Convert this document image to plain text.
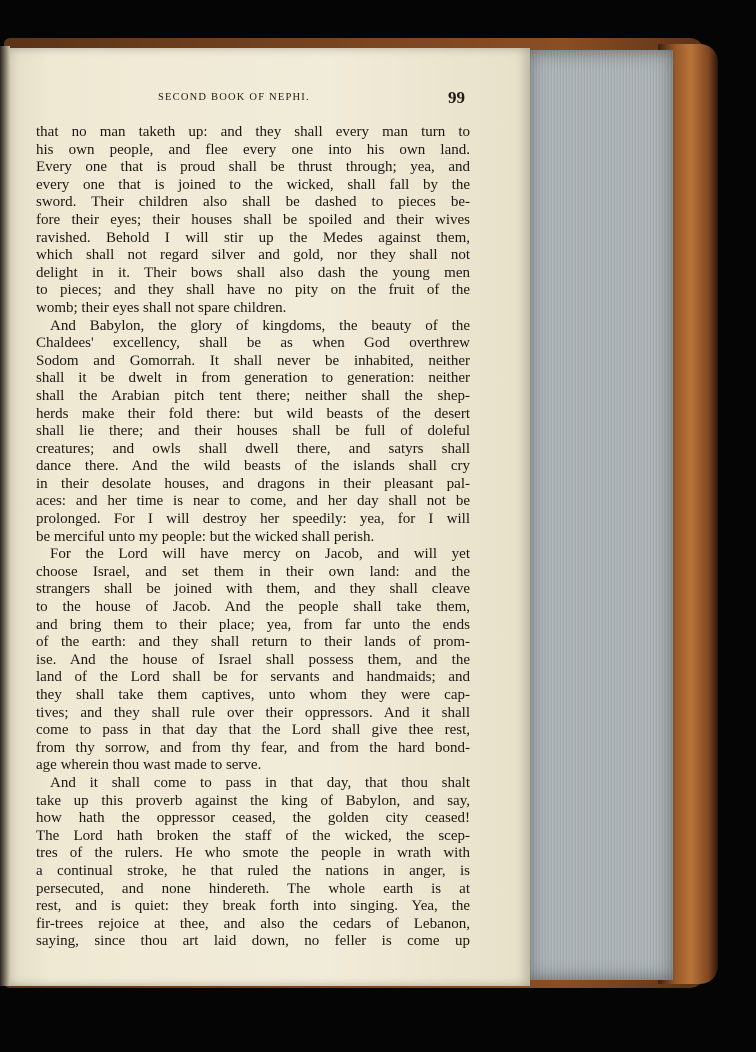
SECOND BOOK OF NEPHI.	99
that no man taketh up: and they shall every man turn to
his own people, and flee every one into his own land.
Every one that is proud shall be thrust through; yea, and
every one that is joined to the wicked, shall fall by the
sword. Their children also shall be dashed to pieces be-
fore their eyes; their houses shall be spoiled and their wives
ravished. Behold I will stir up the Medes against them,
which shall not regard silver and gold, nor they shall not
delight in it. Their bows shall also dash the young men
to pieces; and they shall have no pity on the fruit of the
womb; their eyes shall not spare children.
And Babylon, the glory of kingdoms, the beauty of the
Chaldees' excellency, shall be as when God overthrew
Sodom and Gomorrah. It shall never be inhabited, neither
shall it be dwelt in from generation to generation: neither
shall the Arabian pitch tent there; neither shall the shep-
herds make their fold there: but wild beasts of the desert
shall lie there; and their houses shall be full of doleful
creatures; and owls shall dwell there, and satyrs shall
dance there. And the wild beasts of the islands shall cry
in their desolate houses, and dragons in their pleasant pal-
aces: and her time is near to come, and her day shall not be
prolonged. For I will destroy her speedily: yea, for I will
be merciful unto my people: but the wicked shall perish.
For the Lord will have mercy on Jacob, and will yet
choose Israel, and set them in their own land: and the
strangers shall be joined with them, and they shall cleave
to the house of Jacob. And the people shall take them,
and bring them to their place; yea, from far unto the ends
of the earth: and they shall return to their lands of prom-
ise. And the house of Israel shall possess them, and the
land of the Lord shall be for servants and handmaids; and
they shall take them captives, unto whom they were cap-
tives; and they shall rule over their oppressors. And it shall
come to pass in that day that the Lord shall give thee rest,
from thy sorrow, and from thy fear, and from the hard bond-
age wherein thou wast made to serve.
And it shall come to pass in that day, that thou shalt
take up this proverb against the king of Babylon, and say,
how hath the oppressor ceased, the golden city ceased!
The Lord hath broken the staff of the wicked, the scep-
tres of the rulers. He who smote the people in wrath with
a continual stroke, he that ruled the nations in anger, is
persecuted, and none hindereth. The whole earth is at
rest, and is quiet: they break forth into singing. Yea, the
fir-trees rejoice at thee, and also the cedars of Lebanon,
saying, since thou art laid down, no feller is come up
